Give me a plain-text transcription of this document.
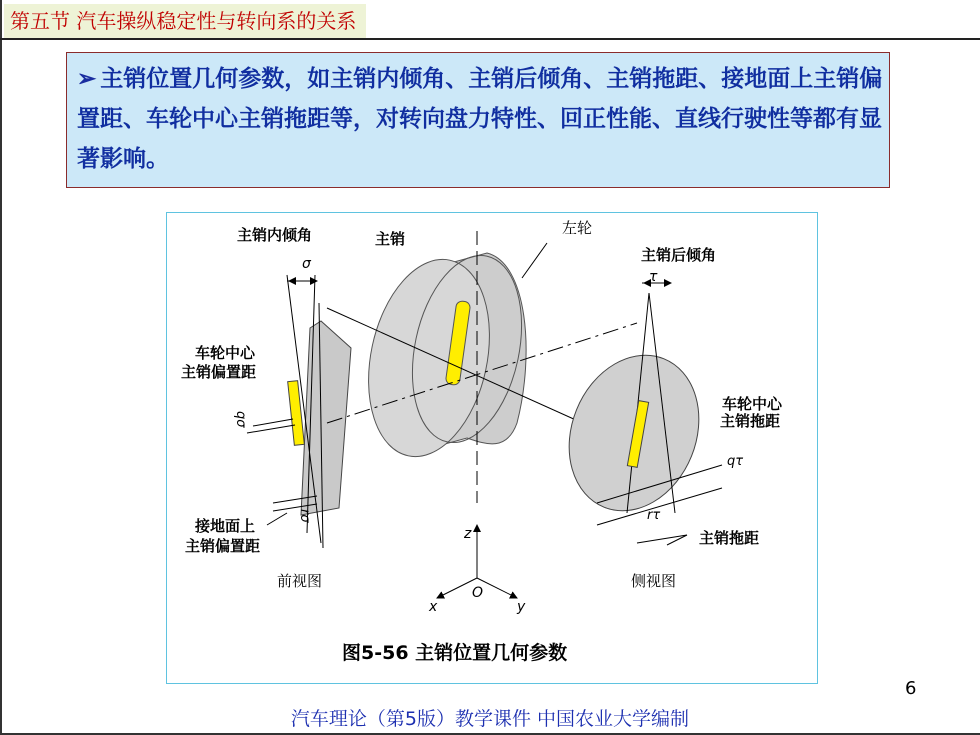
第五节 汽车操纵稳定性与转向系的关系
➢ 主销位置几何参数，如主销内倾角、主销后倾角、主销拖距、接地面上主销偏置距、车轮中心主销拖距等，对转向盘力特性、回正性能、直线行驶性等都有显著影响。
主销内倾角
σ
主销
左轮
主销后倾角
τ
车轮中心
主销偏置距
qσ
车轮中心
主销拖距
qτ
rσ
接地面上
主销偏置距
rτ
主销拖距
z
前视图	侧视图
O
x	y
图5-56 主销位置几何参数
6
汽车理论（第5版）教学课件 中国农业大学编制
